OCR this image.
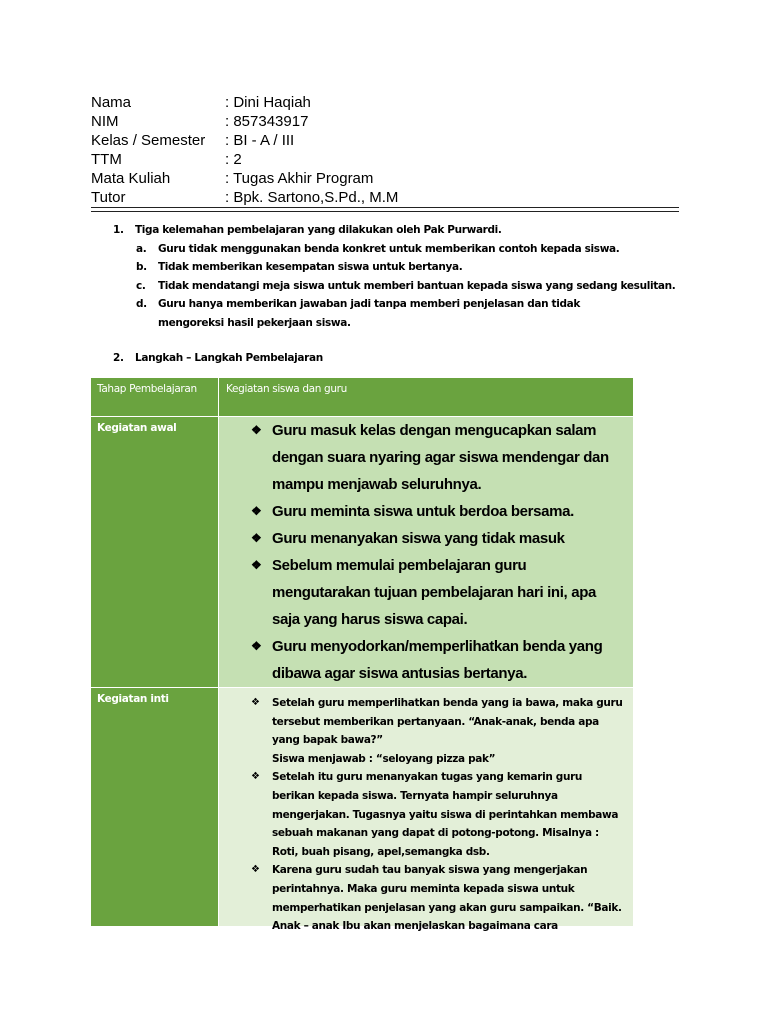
Nama	: Dini Haqiah
NIM	: 857343917
Kelas / Semester	: BI - A / III
TTM	: 2
Mata Kuliah	: Tugas Akhir Program
Tutor	: Bpk. Sartono,S.Pd., M.M
1.	Tiga kelemahan pembelajaran yang dilakukan oleh Pak Purwardi.
a. Guru tidak menggunakan benda konkret untuk memberikan contoh kepada siswa.
b. Tidak memberikan kesempatan siswa untuk bertanya.
c. Tidak mendatangi meja siswa untuk memberi bantuan kepada siswa yang sedang kesulitan.
d. Guru hanya memberikan jawaban jadi tanpa memberi penjelasan dan tidak mengoreksi hasil pekerjaan siswa.
2.	Langkah – Langkah Pembelajaran
Tahap Pembelajaran	Kegiatan siswa dan guru
Kegiatan awal	❖ Guru masuk kelas dengan mengucapkan salam dengan suara nyaring agar siswa mendengar dan mampu menjawab seluruhnya.
❖ Guru meminta siswa untuk berdoa bersama.
❖ Guru menanyakan siswa yang tidak masuk
❖ Sebelum memulai pembelajaran guru mengutarakan tujuan pembelajaran hari ini, apa saja yang harus siswa capai.
❖ Guru menyodorkan/memperlihatkan benda yang dibawa agar siswa antusias bertanya.
Kegiatan inti	❖ Setelah guru memperlihatkan benda yang ia bawa, maka guru tersebut memberikan pertanyaan. “Anak-anak, benda apa yang bapak bawa?”
Siswa menjawab : “seloyang pizza pak”
❖ Setelah itu guru menanyakan tugas yang kemarin guru berikan kepada siswa. Ternyata hampir seluruhnya mengerjakan. Tugasnya yaitu siswa di perintahkan membawa sebuah makanan yang dapat di potong-potong. Misalnya : Roti, buah pisang, apel,semangka dsb.
❖ Karena guru sudah tau banyak siswa yang mengerjakan perintahnya. Maka guru meminta kepada siswa untuk memperhatikan penjelasan yang akan guru sampaikan. “Baik. Anak – anak Ibu akan menjelaskan bagaimana cara
